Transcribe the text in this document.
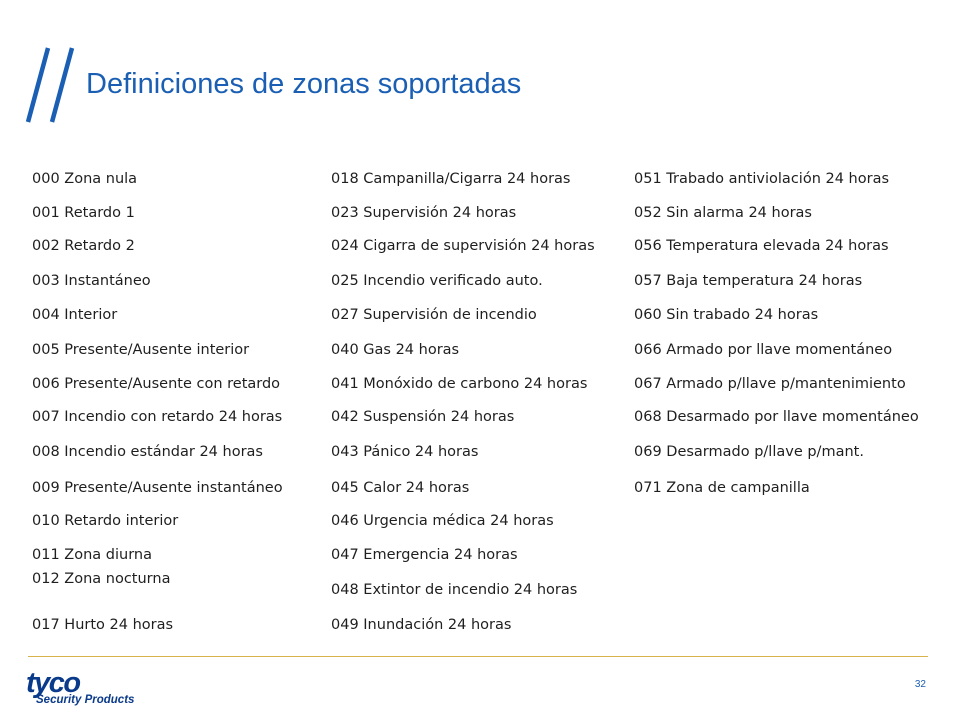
Definiciones de zonas soportadas
000 Zona nula
001 Retardo 1
002 Retardo 2
003 Instantáneo
004 Interior
005 Presente/Ausente interior
006 Presente/Ausente con retardo
007 Incendio con retardo 24 horas
008 Incendio estándar 24 horas
009 Presente/Ausente instantáneo
010 Retardo interior
011 Zona diurna
012 Zona nocturna
017 Hurto 24 horas
018 Campanilla/Cigarra 24 horas
023 Supervisión 24 horas
024 Cigarra de supervisión 24 horas
025 Incendio verificado auto.
027 Supervisión de incendio
040 Gas 24 horas
041 Monóxido de carbono 24 horas
042 Suspensión 24 horas
043 Pánico 24 horas
045 Calor 24 horas
046 Urgencia médica 24 horas
047 Emergencia 24 horas
048 Extintor de incendio 24 horas
049 Inundación 24 horas
051 Trabado antiviolación 24 horas
052 Sin alarma 24 horas
056 Temperatura elevada 24 horas
057 Baja temperatura 24 horas
060 Sin trabado 24 horas
066 Armado por llave momentáneo
067 Armado p/llave p/mantenimiento
068 Desarmado por llave momentáneo
069 Desarmado p/llave p/mant.
071 Zona de campanilla
tyco
Security Products
32
